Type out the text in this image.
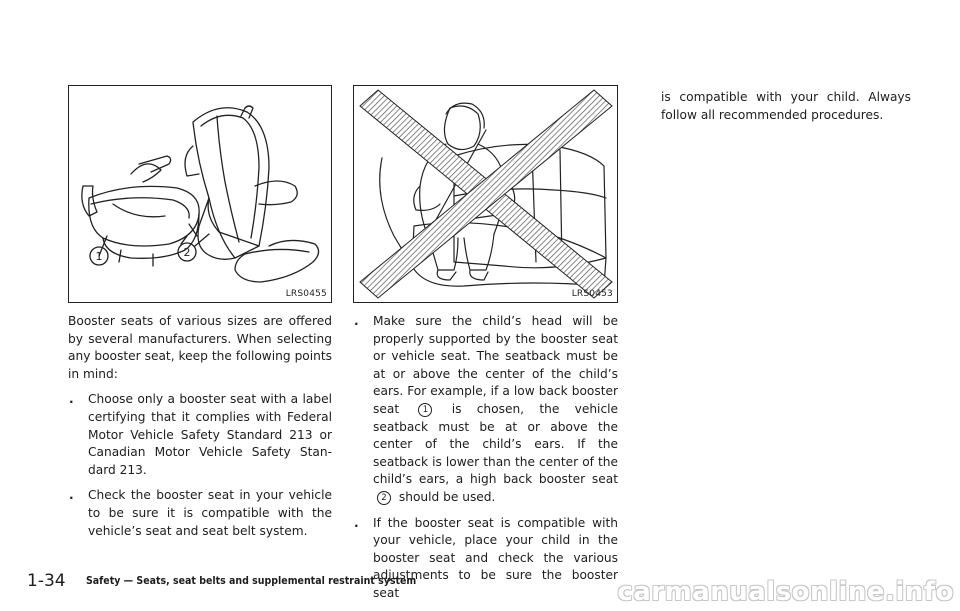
1	2
LRS0455	LRS0453

Booster seats of various sizes are offered by several manufacturers. When selecting any booster seat, keep the following points in mind:

. Choose only a booster seat with a label certifying that it complies with Federal Motor Vehicle Safety Standard 213 or Canadian Motor Vehicle Safety Stan-dard 213.
. Check the booster seat in your vehicle to be sure it is compatible with the vehicle’s seat and seat belt system.
. Make sure the child’s head will be properly supported by the booster seat or vehicle seat. The seatback must be at or above the center of the child’s ears. For example, if a low back booster seat	1 is chosen, the vehicle seatback must be at or above the center of the child’s ears. If the seatback is lower than the center of the child’s ears, a high back booster seat 2 should be used.
. If the booster seat is compatible with your vehicle, place your child in the booster seat and check the various adjustments to be sure the booster seat

is compatible with your child. Always follow all recommended procedures.

1-34 Safety — Seats, seat belts and supplemental restraint system	carmanualsonline.info
